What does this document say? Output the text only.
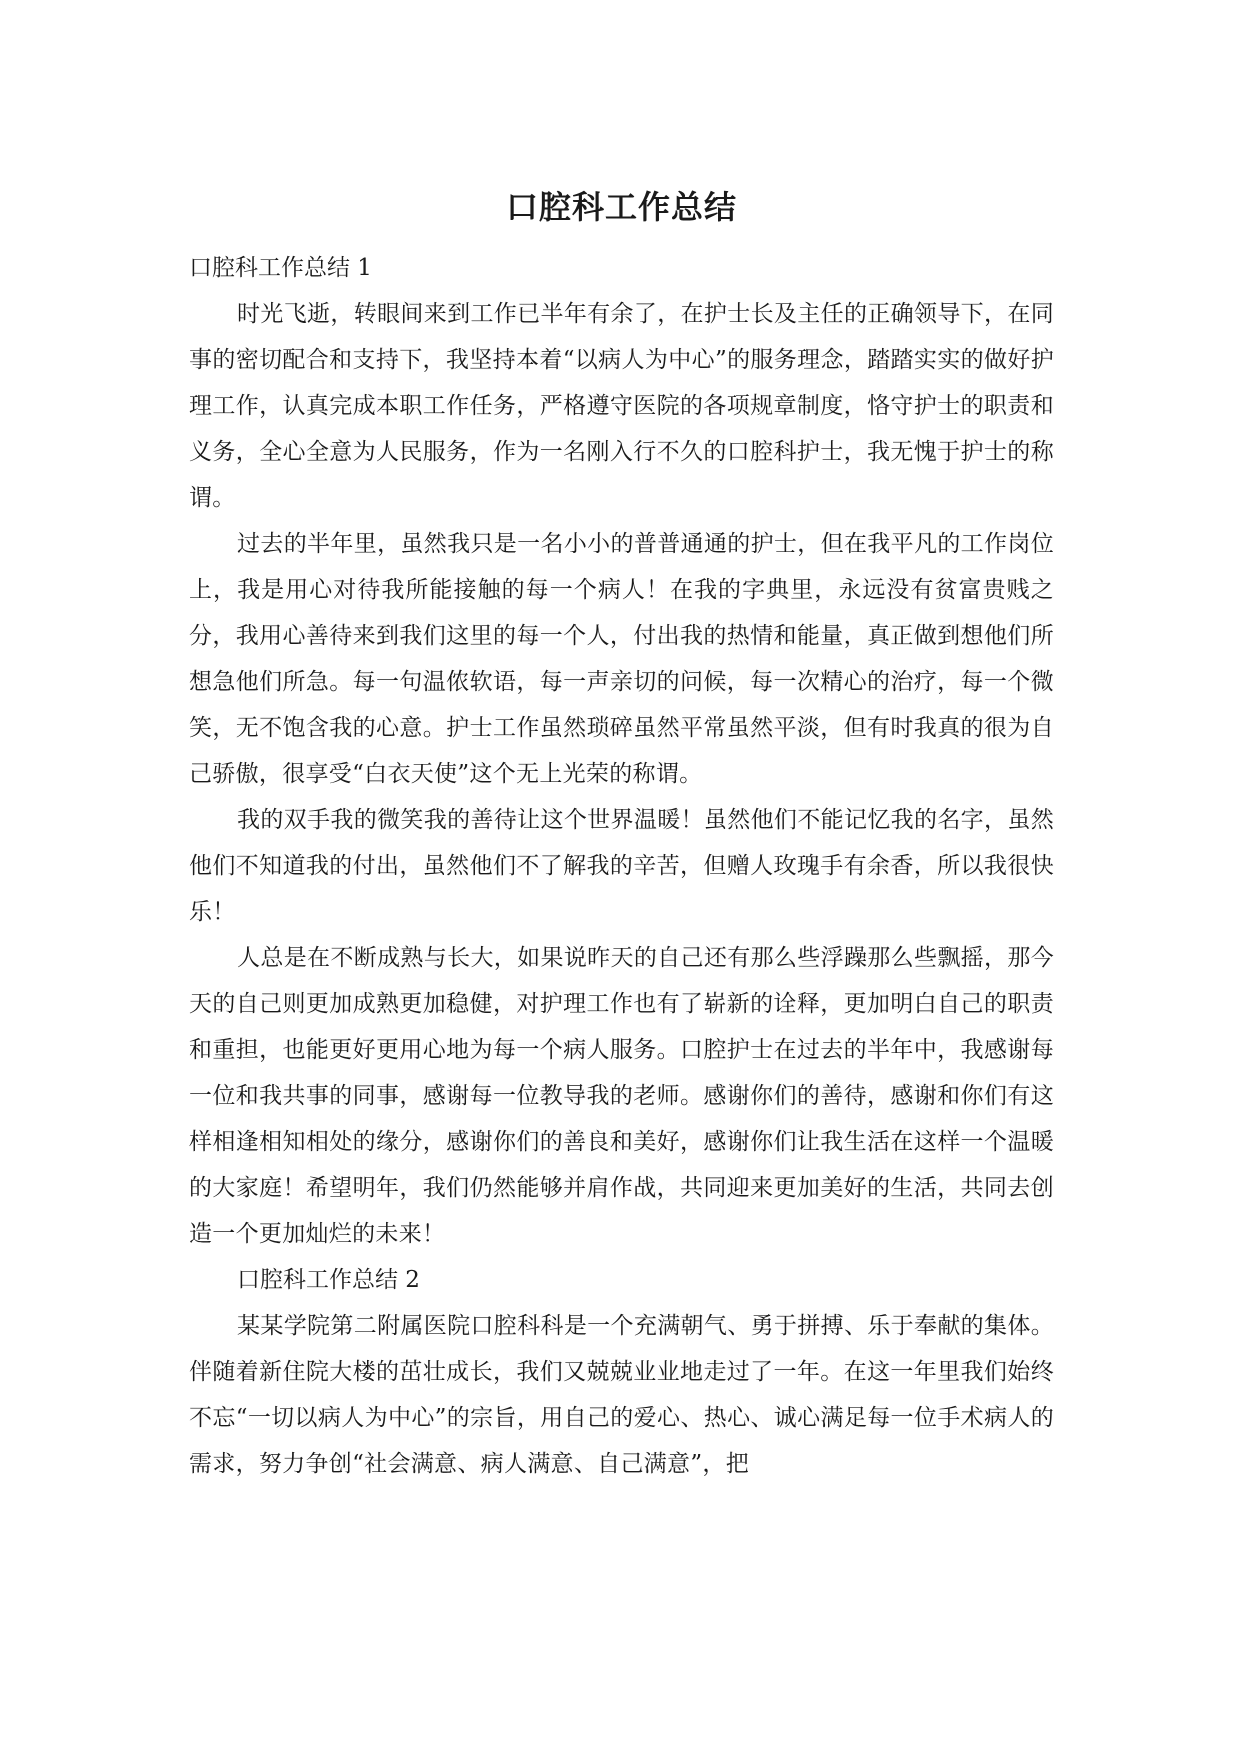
口腔科工作总结

口腔科工作总结 1

时光飞逝，转眼间来到工作已半年有余了，在护士长及主任的正确领导下，在同事的密切配合和支持下，我坚持本着“以病人为中心”的服务理念，踏踏实实的做好护理工作，认真完成本职工作任务，严格遵守医院的各项规章制度，恪守护士的职责和义务，全心全意为人民服务，作为一名刚入行不久的口腔科护士，我无愧于护士的称谓。

过去的半年里，虽然我只是一名小小的普普通通的护士，但在我平凡的工作岗位上，我是用心对待我所能接触的每一个病人！在我的字典里，永远没有贫富贵贱之分，我用心善待来到我们这里的每一个人，付出我的热情和能量，真正做到想他们所想急他们所急。每一句温侬软语，每一声亲切的问候，每一次精心的治疗，每一个微笑，无不饱含我的心意。护士工作虽然琐碎虽然平常虽然平淡，但有时我真的很为自己骄傲，很享受“白衣天使”这个无上光荣的称谓。

我的双手我的微笑我的善待让这个世界温暖！虽然他们不能记忆我的名字，虽然他们不知道我的付出，虽然他们不了解我的辛苦，但赠人玫瑰手有余香，所以我很快乐！

人总是在不断成熟与长大，如果说昨天的自己还有那么些浮躁那么些飘摇，那今天的自己则更加成熟更加稳健，对护理工作也有了崭新的诠释，更加明白自己的职责和重担，也能更好更用心地为每一个病人服务。口腔护士在过去的半年中，我感谢每一位和我共事的同事，感谢每一位教导我的老师。感谢你们的善待，感谢和你们有这样相逢相知相处的缘分，感谢你们的善良和美好，感谢你们让我生活在这样一个温暖的大家庭！希望明年，我们仍然能够并肩作战，共同迎来更加美好的生活，共同去创造一个更加灿烂的未来！

口腔科工作总结 2

某某学院第二附属医院口腔科科是一个充满朝气、勇于拼搏、乐于奉献的集体。伴随着新住院大楼的茁壮成长，我们又兢兢业业地走过了一年。在这一年里我们始终不忘“一切以病人为中心”的宗旨，用自己的爱心、热心、诚心满足每一位手术病人的需求，努力争创“社会满意、病人满意、自己满意”，把
